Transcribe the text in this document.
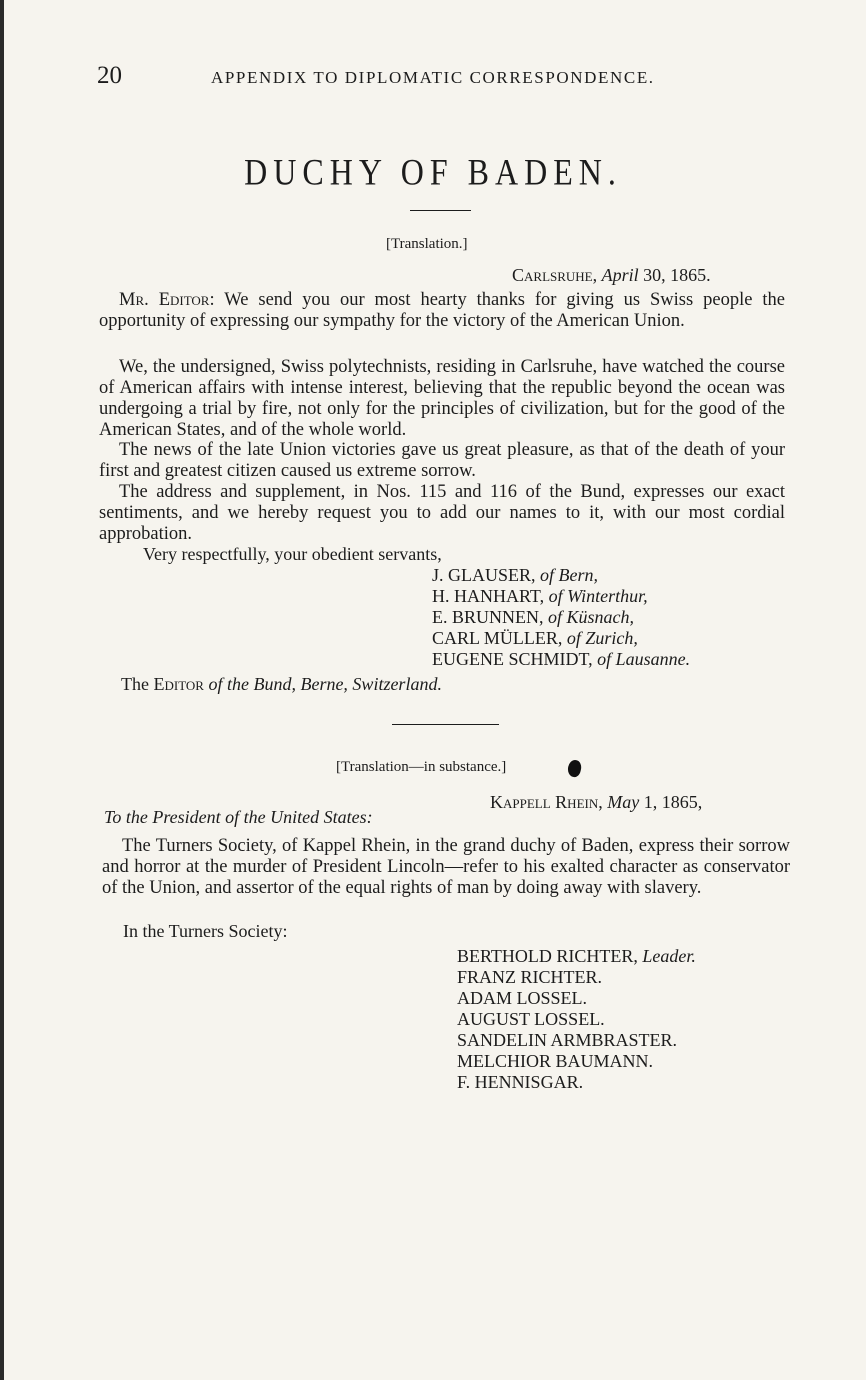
20	APPENDIX TO DIPLOMATIC CORRESPONDENCE.
DUCHY OF BADEN.
[Translation.]
Carlsruhe, April 30, 1865.
Mr. Editor: We send you our most hearty thanks for giving us Swiss people the opportunity of expressing our sympathy for the victory of the American Union.
We, the undersigned, Swiss polytechnists, residing in Carlsruhe, have watched the course of American affairs with intense interest, believing that the republic beyond the ocean was undergoing a trial by fire, not only for the principles of civilization, but for the good of the American States, and of the whole world.
The news of the late Union victories gave us great pleasure, as that of the death of your first and greatest citizen caused us extreme sorrow.
The address and supplement, in Nos. 115 and 116 of the Bund, expresses our exact sentiments, and we hereby request you to add our names to it, with our most cordial approbation.
Very respectfully, your obedient servants,
J. GLAUSER, of Bern,
H. HANHART, of Winterthur,
E. BRUNNEN, of Küsnach,
CARL MÜLLER, of Zurich,
EUGENE SCHMIDT, of Lausanne.
The Editor of the Bund, Berne, Switzerland.
[Translation—in substance.]
Kappell Rhein, May 1, 1865,
To the President of the United States:
The Turners Society, of Kappel Rhein, in the grand duchy of Baden, express their sorrow and horror at the murder of President Lincoln—refer to his exalted character as conservator of the Union, and assertor of the equal rights of man by doing away with slavery.
In the Turners Society:
BERTHOLD RICHTER, Leader.
FRANZ RICHTER.
ADAM LOSSEL.
AUGUST LOSSEL.
SANDELIN ARMBRASTER.
MELCHIOR BAUMANN.
F. HENNISGAR.
